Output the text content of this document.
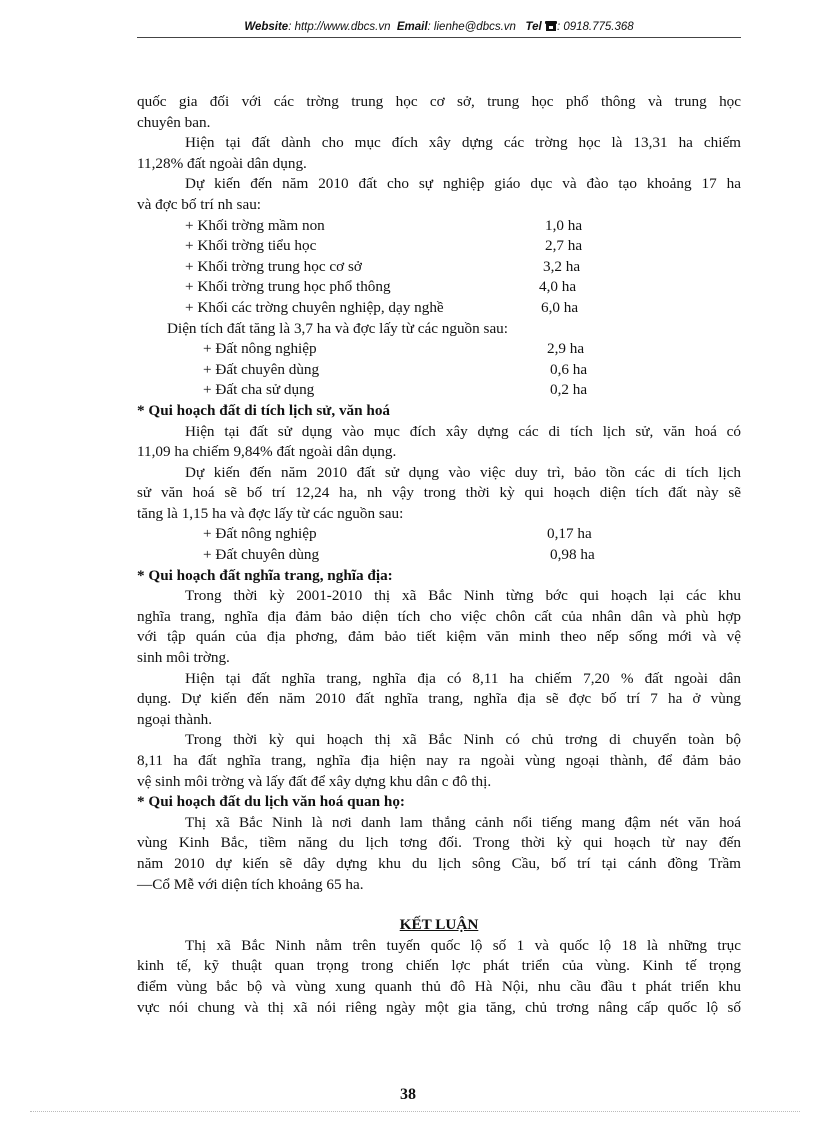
Website: http://www.dbcs.vn Email: lienhe@dbcs.vn Tel : 0918.775.368
quốc gia đối với các trờng trung học cơ sở, trung học phổ thông và trung học
chuyên ban.
Hiện tại đất dành cho mục đích xây dựng các trờng học là 13,31 ha chiếm
11,28% đất ngoài dân dụng.
Dự kiến đến năm 2010 đất cho sự nghiệp giáo dục và đào tạo khoảng 17 ha
và đợc bố trí nh sau:
+ Khối trờng mầm non	1,0 ha
+ Khối trờng tiểu học	2,7 ha
+ Khối trờng trung học cơ sở	3,2 ha
+ Khối trờng trung học phổ thông	4,0 ha
+ Khối các trờng chuyên nghiệp, dạy nghề	6,0 ha
Diện tích đất tăng là 3,7 ha và đợc lấy từ các nguồn sau:
+ Đất nông nghiệp	2,9 ha
+ Đất chuyên dùng	0,6 ha
+ Đất cha sử dụng	0,2 ha
* Qui hoạch đất di tích lịch sử, văn hoá
Hiện tại đất sử dụng vào mục đích xây dựng các di tích lịch sử, văn hoá có
11,09 ha chiếm 9,84% đất ngoài dân dụng.
Dự kiến đến năm 2010 đất sử dụng vào việc duy trì, bảo tồn các di tích lịch
sử văn hoá sẽ bố trí 12,24 ha, nh vậy trong thời kỳ qui hoạch diện tích đất này sẽ
tăng là 1,15 ha và đợc lấy từ các nguồn sau:
+ Đất nông nghiệp	0,17 ha
+ Đất chuyên dùng	0,98 ha
* Qui hoạch đất nghĩa trang, nghĩa địa:
Trong thời kỳ 2001-2010 thị xã Bắc Ninh từng bớc qui hoạch lại các khu
nghĩa trang, nghĩa địa đảm bảo diện tích cho việc chôn cất của nhân dân và phù hợp
với tập quán của địa phơng, đảm bảo tiết kiệm văn minh theo nếp sống mới và vệ
sinh môi trờng.
Hiện tại đất nghĩa trang, nghĩa địa có 8,11 ha chiếm 7,20 % đất ngoài dân
dụng. Dự kiến đến năm 2010 đất nghĩa trang, nghĩa địa sẽ đợc bố trí 7 ha ở vùng
ngoại thành.
Trong thời kỳ qui hoạch thị xã Bắc Ninh có chủ trơng di chuyển toàn bộ
8,11 ha đất nghĩa trang, nghĩa địa hiện nay ra ngoài vùng ngoại thành, để đảm bảo
vệ sinh môi trờng và lấy đất để xây dựng khu dân c đô thị.
* Qui hoạch đất du lịch văn hoá quan họ:
Thị xã Bắc Ninh là nơi danh lam thắng cảnh nổi tiếng mang đậm nét văn hoá
vùng Kinh Bắc, tiềm năng du lịch tơng đối. Trong thời kỳ qui hoạch từ nay đến
năm 2010 dự kiến sẽ dây dựng khu du lịch sông Cầu, bố trí tại cánh đồng Trầm
—Cổ Mễ với diện tích khoảng 65 ha.
KẾT LUẬN
Thị xã Bắc Ninh nằm trên tuyến quốc lộ số 1 và quốc lộ 18 là những trục
kinh tế, kỹ thuật quan trọng trong chiến lợc phát triển của vùng. Kinh tế trọng
điểm vùng bắc bộ và vùng xung quanh thủ đô Hà Nội, nhu cầu đầu t phát triển khu
vực nói chung và thị xã nói riêng ngày một gia tăng, chủ trơng nâng cấp quốc lộ số
38
